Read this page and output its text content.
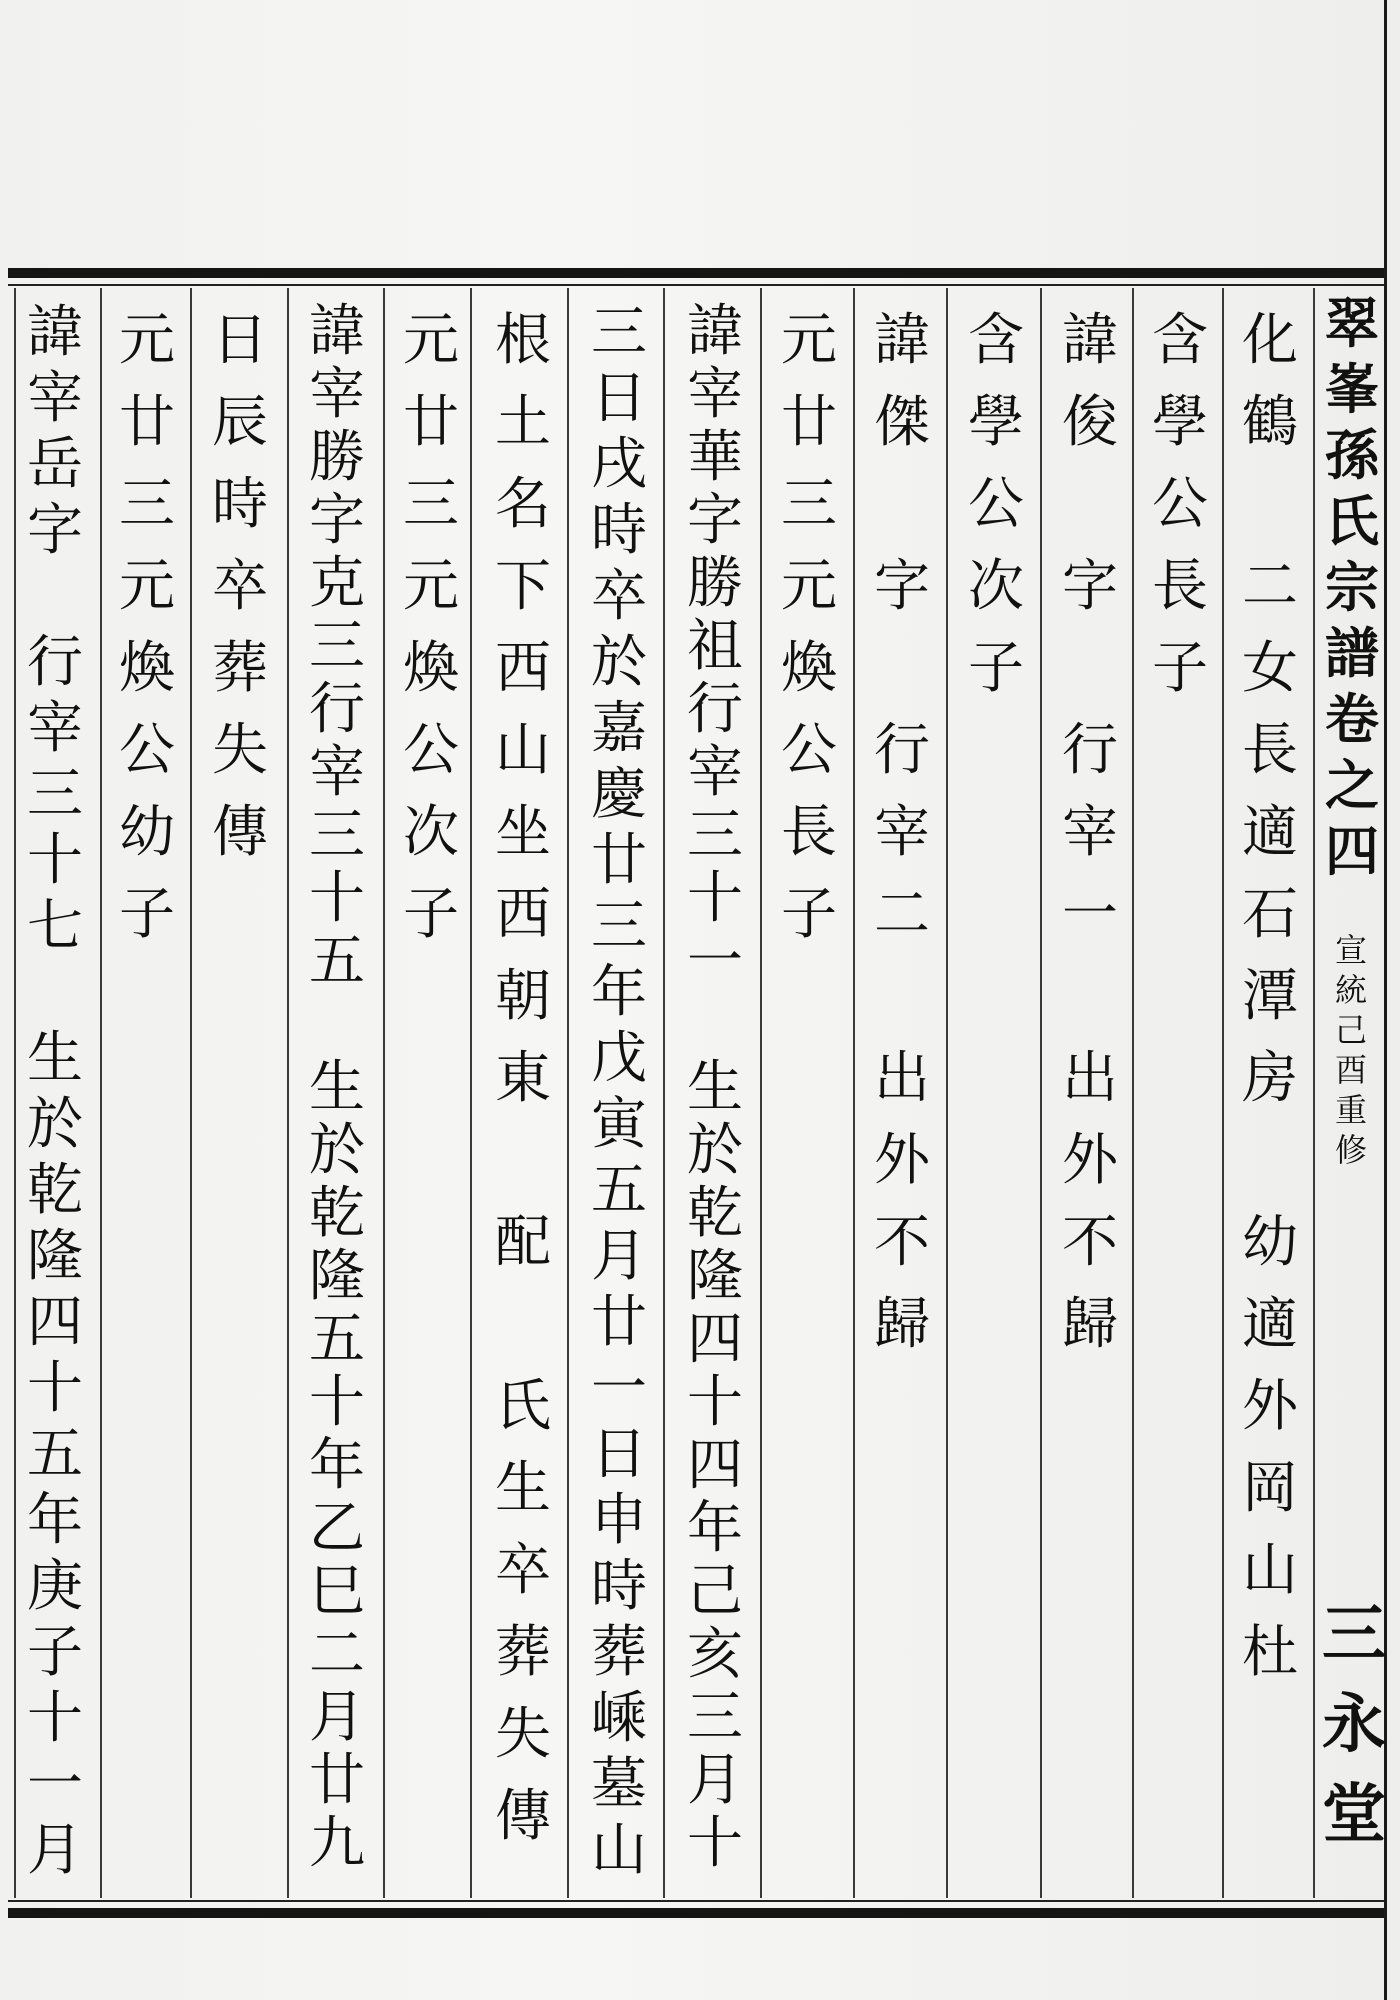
翠峯孫氏宗譜卷之四
宣統己酉重修
三永堂
化
鶴

二
女
長
適
石
潭
房

幼
適
外
岡
山
杜
含
學
公
長
子
諱
俊

字

行
宰
一

出
外
不
歸
含
學
公
次
子
諱
傑

字

行
宰
二

出
外
不
歸
元
廿
三
元
煥
公
長
子
諱
宰
華
字
勝
祖
行
宰
三
十
一

生
於
乾
隆
四
十
四
年
己
亥
三
月
十
三
日
戌
時
卒
於
嘉
慶
廿
三
年
戊
寅
五
月
廿
一
日
申
時
葬
嵊
墓
山
根
土
名
下
西
山
坐
西
朝
東

配

氏
生
卒
葬
失
傳
元
廿
三
元
煥
公
次
子
諱
宰
勝
字
克
三
行
宰
三
十
五

生
於
乾
隆
五
十
年
乙
巳
二
月
廿
九
日
辰
時
卒
葬
失
傳
元
廿
三
元
煥
公
幼
子
諱
宰
岳
字

行
宰
三
十
七

生
於
乾
隆
四
十
五
年
庚
子
十
一
月
